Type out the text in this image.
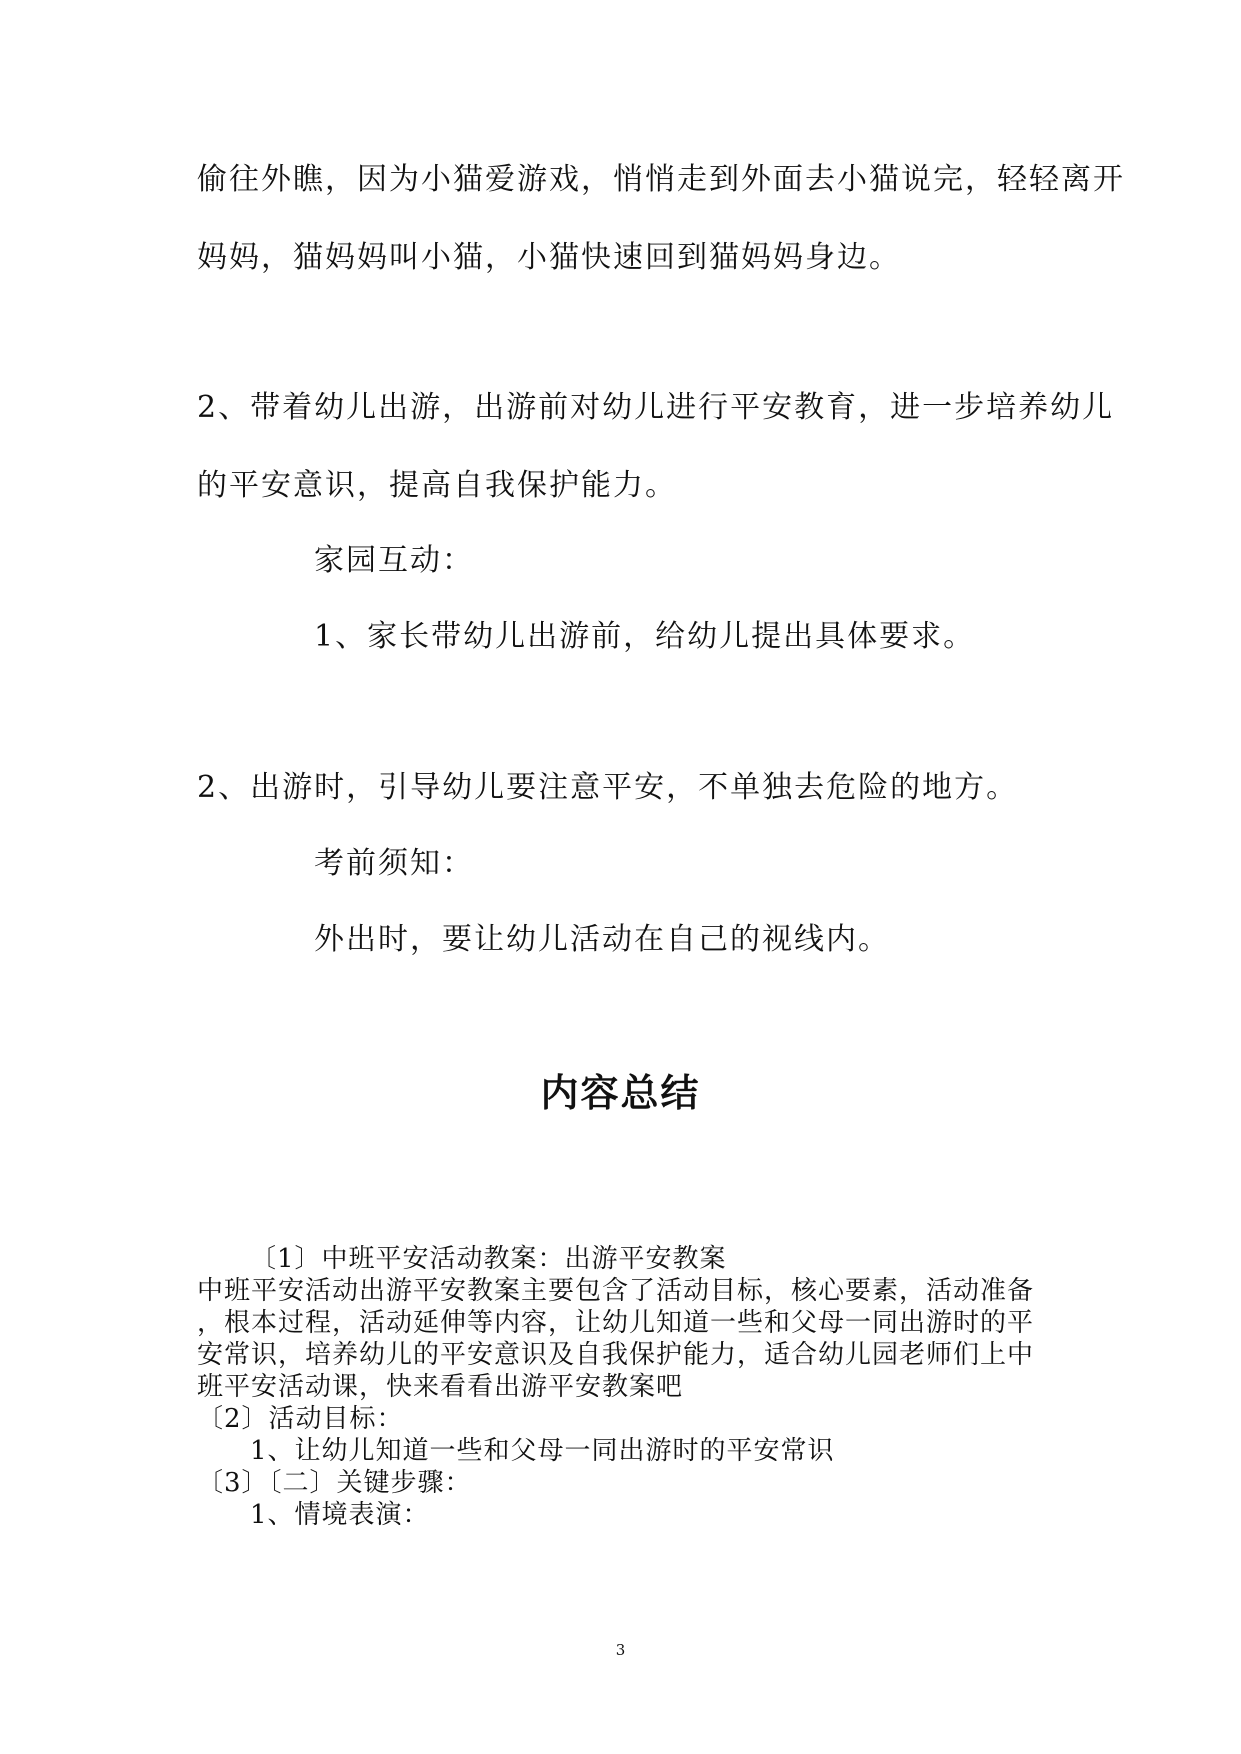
偷往外瞧，因为小猫爱游戏，悄悄走到外面去小猫说完，轻轻离开
妈妈，猫妈妈叫小猫，小猫快速回到猫妈妈身边。
2、带着幼儿出游，出游前对幼儿进行平安教育，进一步培养幼儿
的平安意识，提高自我保护能力。
家园互动：
1、家长带幼儿出游前，给幼儿提出具体要求。
2、出游时，引导幼儿要注意平安，不单独去危险的地方。
考前须知：
外出时，要让幼儿活动在自己的视线内。
内容总结
〔1〕中班平安活动教案：出游平安教案
中班平安活动出游平安教案主要包含了活动目标，核心要素，活动准备
，根本过程，活动延伸等内容，让幼儿知道一些和父母一同出游时的平
安常识，培养幼儿的平安意识及自我保护能力，适合幼儿园老师们上中
班平安活动课，快来看看出游平安教案吧
〔2〕活动目标：
1、让幼儿知道一些和父母一同出游时的平安常识
〔3〕〔二〕关键步骤：
1、情境表演：
3
